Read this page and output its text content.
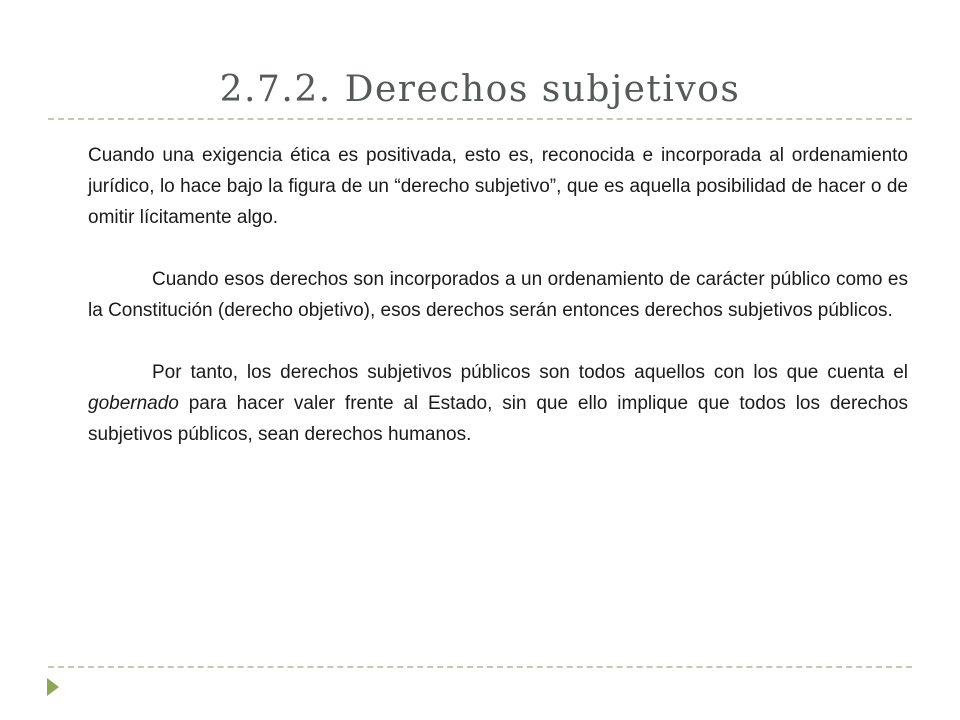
2.7.2. Derechos subjetivos

Cuando una exigencia ética es positivada, esto es, reconocida e incorporada al ordenamiento jurídico, lo hace bajo la figura de un “derecho subjetivo”, que es aquella posibilidad de hacer o de omitir lícitamente algo.

Cuando esos derechos son incorporados a un ordenamiento de carácter público como es la Constitución (derecho objetivo), esos derechos serán entonces derechos subjetivos públicos.

Por tanto, los derechos subjetivos públicos son todos aquellos con los que cuenta el gobernado para hacer valer frente al Estado, sin que ello implique que todos los derechos subjetivos públicos, sean derechos humanos.
